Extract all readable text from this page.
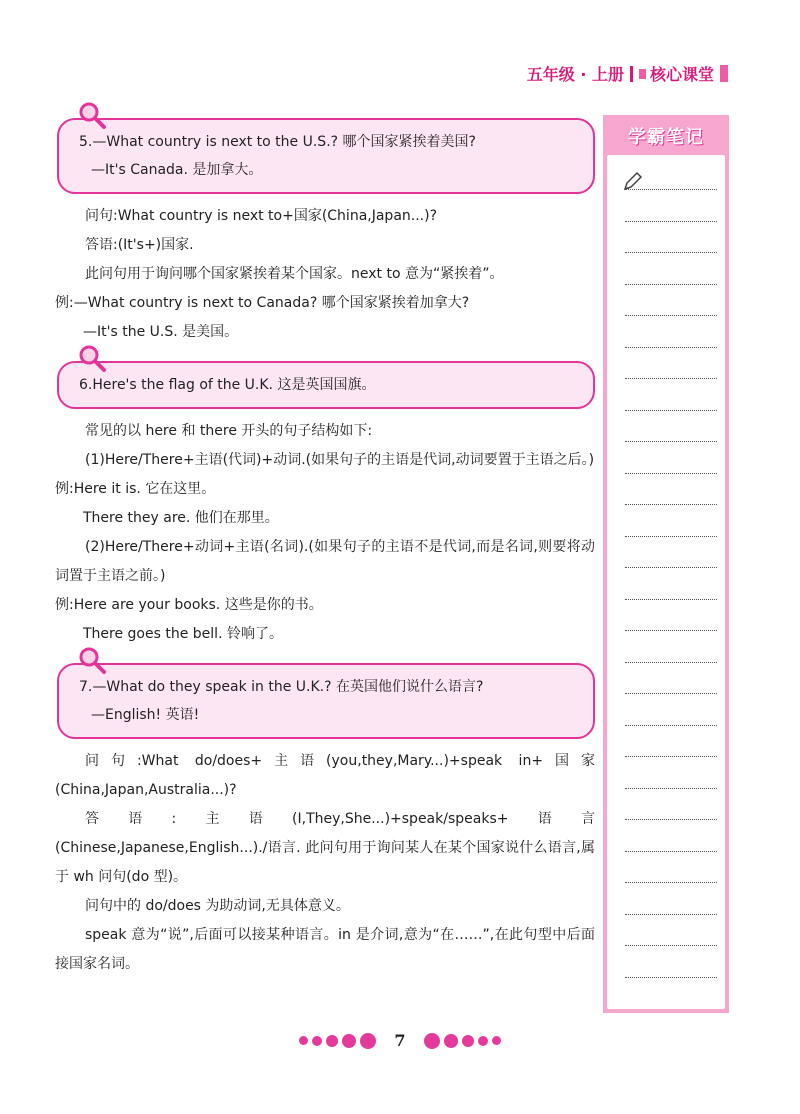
五年级 · 上册 核心课堂
5.—What country is next to the U.S.? 哪个国家紧挨着美国?
—It's Canada. 是加拿大。
问句:What country is next to+国家(China,Japan...)?
答语:(It's+)国家.
此问句用于询问哪个国家紧挨着某个国家。next to 意为“紧挨着”。
例:—What country is next to Canada? 哪个国家紧挨着加拿大?
—It's the U.S. 是美国。
6.Here's the flag of the U.K. 这是英国国旗。
常见的以 here 和 there 开头的句子结构如下:
(1)Here/There+主语(代词)+动词.(如果句子的主语是代词,动词要置于主语之后。)
例:Here it is. 它在这里。
There they are. 他们在那里。
(2)Here/There+动词+主语(名词).(如果句子的主语不是代词,而是名词,则要将动词置于主语之前。)
例:Here are your books. 这些是你的书。
There goes the bell. 铃响了。
7.—What do they speak in the U.K.? 在英国他们说什么语言?
—English! 英语!
问句:What do/does+主语(you,they,Mary...)+speak in+国家(China,Japan,Australia...)?
答语:主语(I,They,She...)+speak/speaks+语言(Chinese,Japanese,English...)./语言. 此问句用于询问某人在某个国家说什么语言,属于 wh 问句(do 型)。
问句中的 do/does 为助动词,无具体意义。
speak 意为“说”,后面可以接某种语言。in 是介词,意为“在……”,在此句型中后面接国家名词。
学霸笔记
7
